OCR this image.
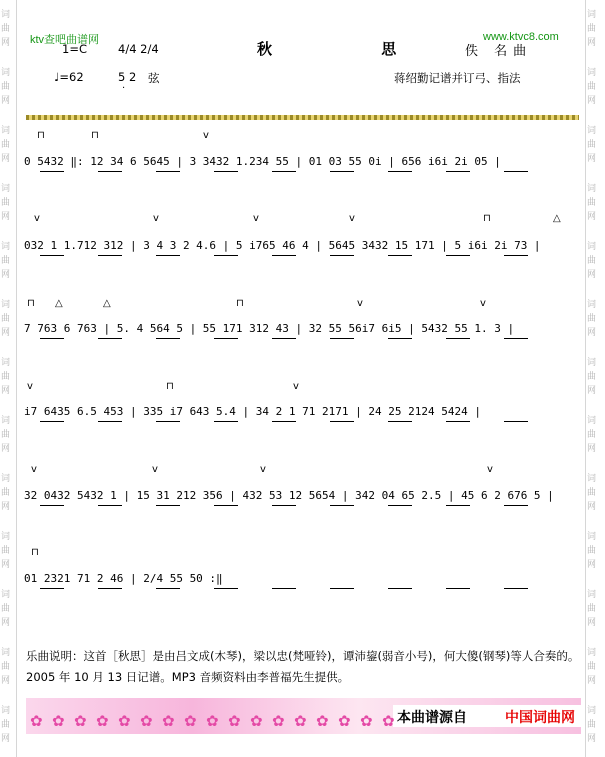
词
曲
网
词
曲
网
词
曲
网
词
曲
网
词
曲
网
词
曲
网
词
曲
网
词
曲
网
词
曲
网
词
曲
网
词
曲
网
词
曲
网
词
曲
网
词
曲
网
词
曲
网
词
曲
网
词
曲
网
词
曲
网
词
曲
网
词
曲
网
词
曲
网
词
曲
网
词
曲
网
词
曲
网
词
曲
网
词
曲
网
ktv查吧曲谱网	www.ktvc8.com
1=C	4/4 2/4	秋 思 佚 名曲
♩=62	5 2 弦
·
蒋绍勤记谱并订弓、指法
0 5432 ‖: 12 34 6 5645 | 3 3432 1.234 55 | 01 03 55 0i | 656 i6i 2i 05 |
032 1 1.712 312 | 3 4 3 2 4.6 | 5 i765 46 4 | 5645 3432 15 171 | 5 i6i 2i 73 |
7 763 6 763 | 5. 4 564 5 | 55 171 312 43 | 32 55 56i7 6i5 | 5432 55 1. 3 |
i7 6435 6.5 453 | 335 i7 643 5.4 | 34 2 1 71 2171 | 24 25 2124 5424 |
32 0432 5432 1 | 15 31 212 356 | 432 53 12 5654 | 342 04 65 2.5 | 45 6 2 676 5 |
01 2321 71 2 46 | 2/4 55 50 :‖
⊓	⊓	v
v	v	v	v	⊓	△
⊓ △	△	⊓	v	v
v	⊓	v
v	v	v	v
⊓
乐曲说明：这首［秋思］是由吕文成(木琴)，梁以忠(梵哑铃)，谭沛鋆(弱音小号)，何大傻(钢琴)等人合奏的。2005 年 10 月 13 日记谱。MP3 音频资料由李普福先生提供。
本曲谱源自	中国词曲网
✿ ✿ ✿ ✿ ✿ ✿ ✿ ✿ ✿ ✿ ✿ ✿ ✿ ✿ ✿ ✿ ✿
